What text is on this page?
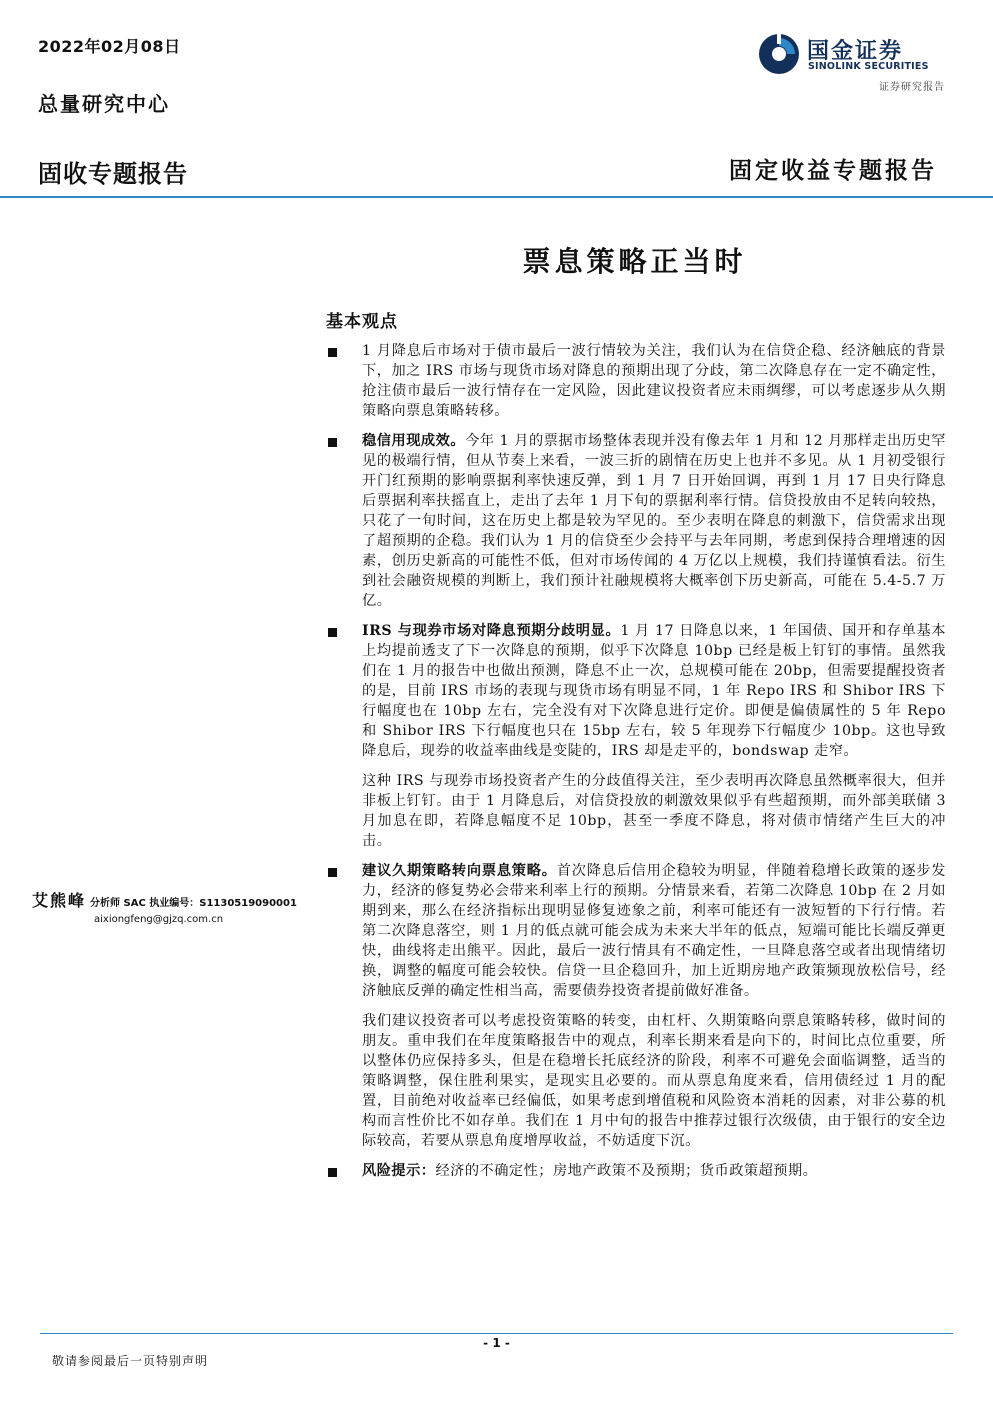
2022年02月08日
总量研究中心
固收专题报告	固定收益专题报告
国金证券
SINOLINK SECURITIES
证券研究报告
票息策略正当时
基本观点
1 月降息后市场对于债市最后一波行情较为关注，我们认为在信贷企稳、经济触底的背景下，加之 IRS 市场与现货市场对降息的预期出现了分歧，第二次降息存在一定不确定性，抢注债市最后一波行情存在一定风险，因此建议投资者应未雨绸缪，可以考虑逐步从久期策略向票息策略转移。
稳信用现成效。今年 1 月的票据市场整体表现并没有像去年 1 月和 12 月那样走出历史罕见的极端行情，但从节奏上来看，一波三折的剧情在历史上也并不多见。从 1 月初受银行开门红预期的影响票据利率快速反弹，到 1 月 7 日开始回调，再到 1 月 17 日央行降息后票据利率扶摇直上，走出了去年 1 月下旬的票据利率行情。信贷投放由不足转向较热，只花了一旬时间，这在历史上都是较为罕见的。至少表明在降息的刺激下，信贷需求出现了超预期的企稳。我们认为 1 月的信贷至少会持平与去年同期，考虑到保持合理增速的因素，创历史新高的可能性不低，但对市场传闻的 4 万亿以上规模，我们持谨慎看法。衍生到社会融资规模的判断上，我们预计社融规模将大概率创下历史新高，可能在 5.4-5.7 万亿。
IRS 与现券市场对降息预期分歧明显。1 月 17 日降息以来，1 年国债、国开和存单基本上均提前透支了下一次降息的预期，似乎下次降息 10bp 已经是板上钉钉的事情。虽然我们在 1 月的报告中也做出预测，降息不止一次，总规模可能在 20bp，但需要提醒投资者的是，目前 IRS 市场的表现与现货市场有明显不同，1 年 Repo IRS 和 Shibor IRS 下行幅度也在 10bp 左右，完全没有对下次降息进行定价。即便是偏债属性的 5 年 Repo 和 Shibor IRS 下行幅度也只在 15bp 左右，较 5 年现券下行幅度少 10bp。这也导致降息后，现券的收益率曲线是变陡的，IRS 却是走平的，bondswap 走窄。
这种 IRS 与现券市场投资者产生的分歧值得关注，至少表明再次降息虽然概率很大，但并非板上钉钉。由于 1 月降息后，对信贷投放的刺激效果似乎有些超预期，而外部美联储 3 月加息在即，若降息幅度不足 10bp，甚至一季度不降息，将对债市情绪产生巨大的冲击。
建议久期策略转向票息策略。首次降息后信用企稳较为明显，伴随着稳增长政策的逐步发力，经济的修复势必会带来利率上行的预期。分情景来看，若第二次降息 10bp 在 2 月如期到来，那么在经济指标出现明显修复迹象之前，利率可能还有一波短暂的下行行情。若第二次降息落空，则 1 月的低点就可能会成为未来大半年的低点，短端可能比长端反弹更快，曲线将走出熊平。因此，最后一波行情具有不确定性，一旦降息落空或者出现情绪切换，调整的幅度可能会较快。信贷一旦企稳回升，加上近期房地产政策频现放松信号，经济触底反弹的确定性相当高，需要债券投资者提前做好准备。
我们建议投资者可以考虑投资策略的转变，由杠杆、久期策略向票息策略转移，做时间的朋友。重申我们在年度策略报告中的观点，利率长期来看是向下的，时间比点位重要，所以整体仍应保持多头，但是在稳增长托底经济的阶段，利率不可避免会面临调整，适当的策略调整，保住胜利果实，是现实且必要的。而从票息角度来看，信用债经过 1 月的配置，目前绝对收益率已经偏低，如果考虑到增值税和风险资本消耗的因素，对非公募的机构而言性价比不如存单。我们在 1 月中旬的报告中推荐过银行次级债，由于银行的安全边际较高，若要从票息角度增厚收益，不妨适度下沉。
风险提示：经济的不确定性；房地产政策不及预期；货币政策超预期。
艾熊峰 分析师 SAC 执业编号：S1130519090001
aixiongfeng@gjzq.com.cn
- 1 -
敬请参阅最后一页特别声明
